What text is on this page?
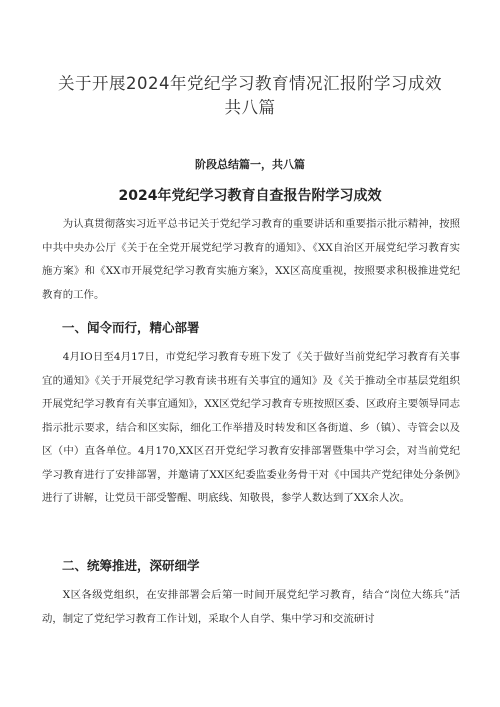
关于开展2024年党纪学习教育情况汇报附学习成效
共八篇
阶段总结篇一，共八篇
2024年党纪学习教育自查报告附学习成效

为认真贯彻落实习近平总书记关于党纪学习教育的重要讲话和重要指示批示精神，按照中共中央办公厅《关于在全党开展党纪学习教育的通知》、《XX自治区开展党纪学习教育实施方案》和《XX市开展党纪学习教育实施方案》，XX区高度重视，按照要求积极推进党纪教育的工作。

一、闻令而行，精心部署

4月IO日至4月17日，市党纪学习教育专班下发了《关于做好当前党纪学习教育有关事宜的通知》《关于开展党纪学习教育读书班有关事宜的通知》及《关于推动全市基层党组织开展党纪学习教育有关事宜通知》，XX区党纪学习教育专班按照区委、区政府主要领导同志指示批示要求，结合和区实际，细化工作举措及时转发和区各街道、乡（镇）、寺管会以及区（中）直各单位。4月170,XX区召开党纪学习教育安排部署暨集中学习会，对当前党纪学习教育进行了安排部署，并邀请了XX区纪委监委业务骨干对《中国共产党纪律处分条例》进行了讲解，让党员干部受警醒、明底线、知敬畏，参学人数达到了XX余人次。

二、统筹推进，深研细学

X区各级党组织，在安排部署会后第一时间开展党纪学习教育，结合“岗位大练兵”活动，制定了党纪学习教育工作计划，采取个人自学、集中学习和交流研讨
